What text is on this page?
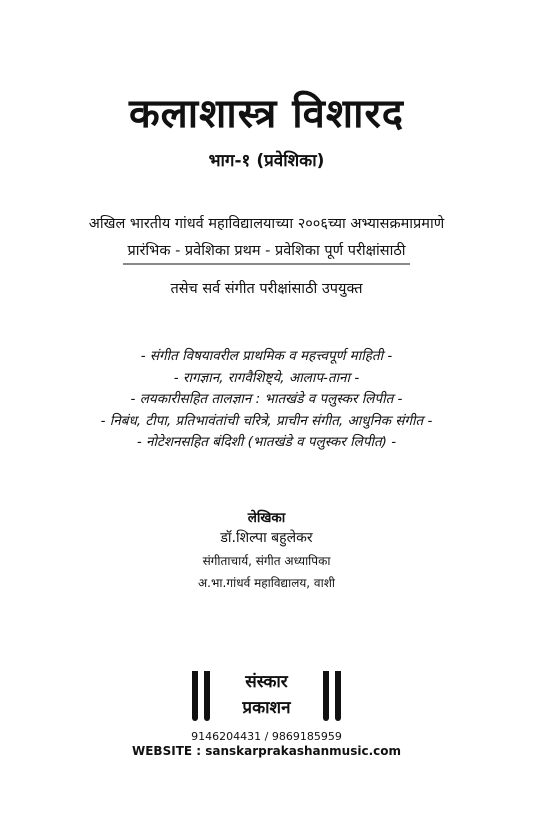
कलाशास्त्र विशारद
भाग-१ (प्रवेशिका)
अखिल भारतीय गांधर्व महाविद्यालयाच्या २००६च्या अभ्यासक्रमाप्रमाणे
प्रारंभिक - प्रवेशिका प्रथम - प्रवेशिका पूर्ण परीक्षांसाठी
तसेच सर्व संगीत परीक्षांसाठी उपयुक्त
- संगीत विषयावरील प्राथमिक व महत्त्वपूर्ण माहिती -
- रागज्ञान, रागवैशिष्ट्ये, आलाप-ताना -
- लयकारीसहित तालज्ञान : भातखंडे व पलुस्कर लिपीत -
- निबंध, टीपा, प्रतिभावंतांची चरित्रे, प्राचीन संगीत, आधुनिक संगीत -
- नोटेशनसहित बंदिशी (भातखंडे व पलुस्कर लिपीत) -
लेखिका
डॉ.शिल्पा बहुलेकर
संगीताचार्य, संगीत अध्यापिका
अ.भा.गांधर्व महाविद्यालय, वाशी
संस्कार
प्रकाशन
9146204431 / 9869185959
WEBSITE : sanskarprakashanmusic.com
